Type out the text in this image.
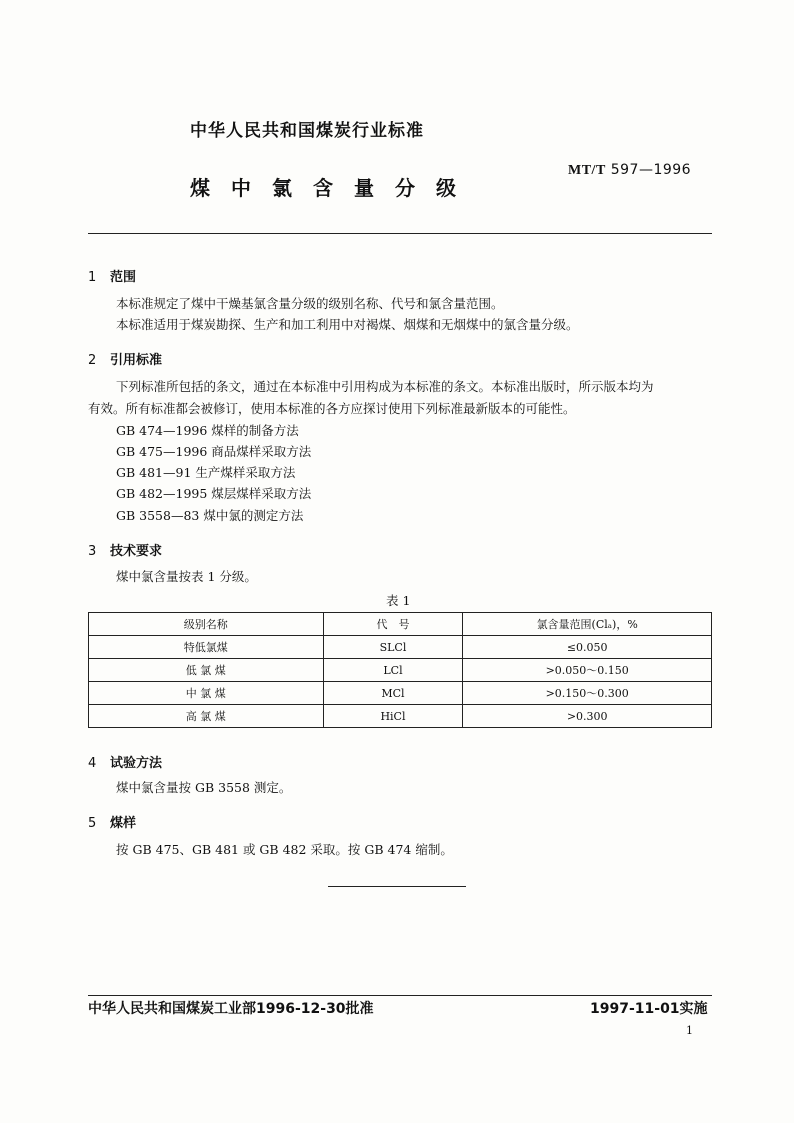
中华人民共和国煤炭行业标准
煤中氯含量分级
MT/T 597—1996
1 范围
本标准规定了煤中干燥基氯含量分级的级别名称、代号和氯含量范围。
本标准适用于煤炭勘探、生产和加工利用中对褐煤、烟煤和无烟煤中的氯含量分级。
2 引用标准
下列标准所包括的条文，通过在本标准中引用构成为本标准的条文。本标准出版时，所示版本均为
有效。所有标准都会被修订，使用本标准的各方应探讨使用下列标准最新版本的可能性。
GB 474—1996 煤样的制备方法
GB 475—1996 商品煤样采取方法
GB 481—91 生产煤样采取方法
GB 482—1995 煤层煤样采取方法
GB 3558—83 煤中氯的测定方法
3 技术要求
煤中氯含量按表 1 分级。
表 1
级别名称	代　号	氯含量范围(Clₐ)，%
特低氯煤	SLCl	≤0.050
低 氯 煤	LCl	>0.050～0.150
中 氯 煤	MCl	>0.150～0.300
高 氯 煤	HiCl	>0.300
4 试验方法
煤中氯含量按 GB 3558 测定。
5 煤样
按 GB 475、GB 481 或 GB 482 采取。按 GB 474 缩制。
中华人民共和国煤炭工业部1996-12-30批准	1997-11-01实施
1
